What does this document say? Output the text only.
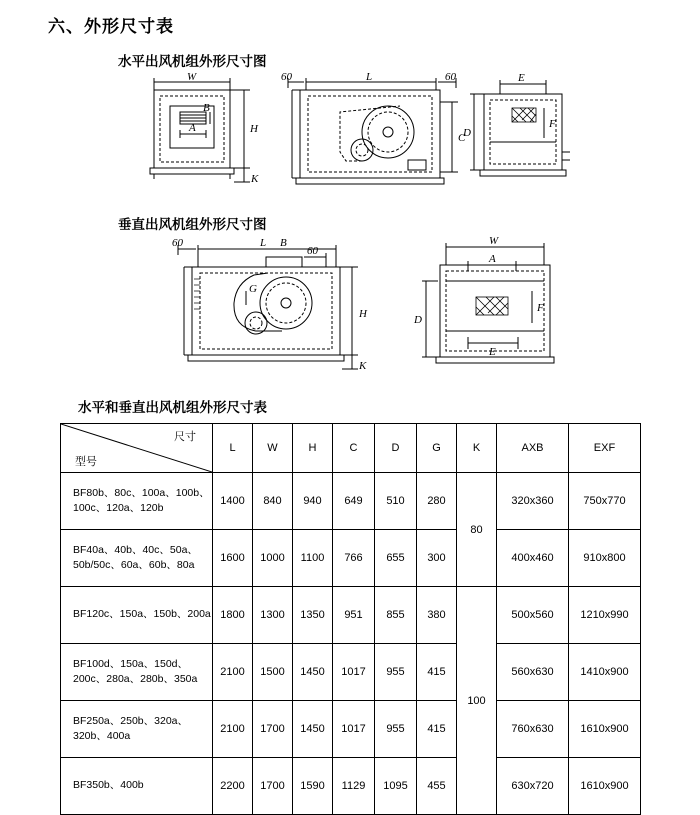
六、外形尺寸表
水平出风机组外形尺寸图
W
B
A	H
K
60	L	60
C
E
F
D
垂直出风机组外形尺寸图
60	L B
60
G
H
K
W
A
D
F
E
水平和垂直出风机组外形尺寸表
尺寸
型号	L	W	H	C	D	G	K	AXB	EXF

BF80b、80c、100a、100b、
100c、120a、120b	1400	840	940	649	510	280	80	320x360	750x770

BF40a、40b、40c、50a、
50b/50c、60a、60b、80a	1600	1000	1100	766	655	300		400x460	910x800

BF120c、150a、150b、200a	1800	1300	1350	951	855	380	100	500x560	1210x990

BF100d、150a、150d、
200c、280a、280b、350a	2100	1500	1450	1017	955	415		560x630	1410x900

BF250a、250b、320a、
320b、400a	2100	1700	1450	1017	955	415		760x630	1610x900

BF350b、400b	2200	1700	1590	1129	1095	455		630x720	1610x900
